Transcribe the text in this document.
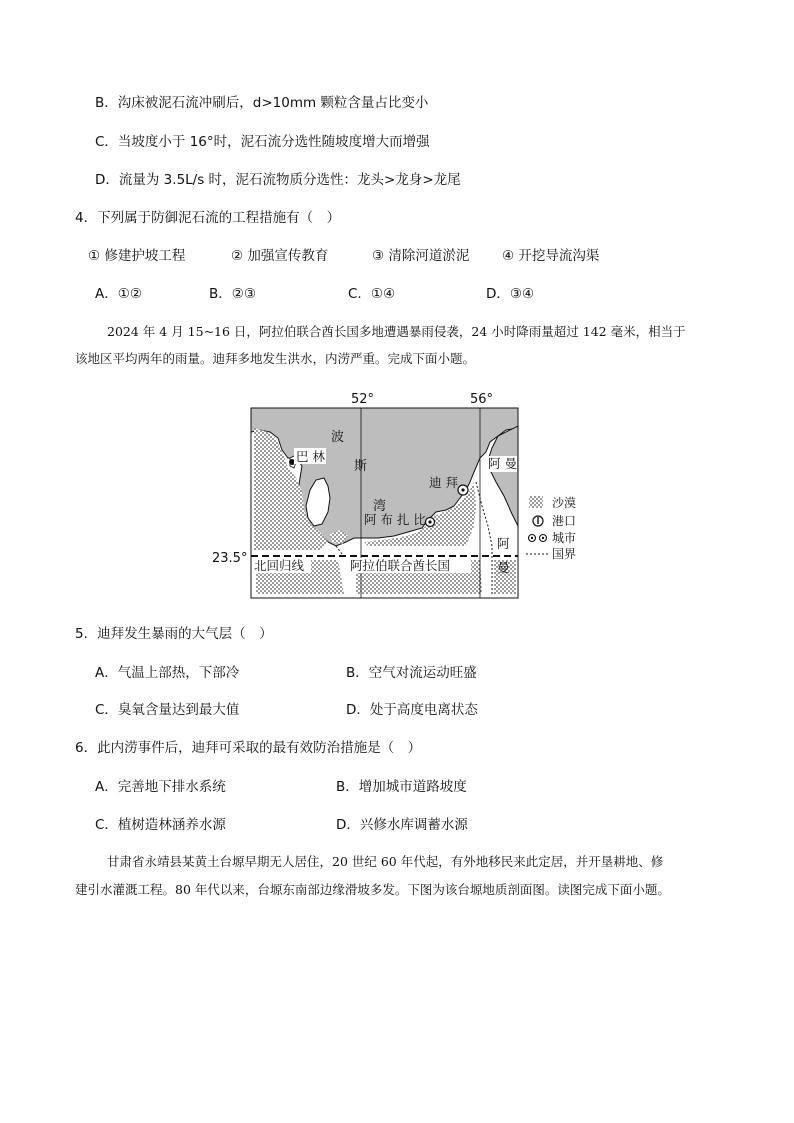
B．沟床被泥石流冲刷后，d>10mm 颗粒含量占比变小
C．当坡度小于 16°时，泥石流分选性随坡度增大而增强
D．流量为 3.5L/s 时，泥石流物质分选性：龙头>龙身>龙尾
4．下列属于防御泥石流的工程措施有（　）
① 修建护坡工程	② 加强宣传教育	③ 清除河道淤泥 ④ 开挖导流沟渠
A．①②	B．②③	C．①④	D．③④
2024 年 4 月 15~16 日，阿拉伯联合酋长国多地遭遇暴雨侵袭，24 小时降雨量超过 142 毫米，相当于
该地区平均两年的雨量。迪拜多地发生洪水，内涝严重。完成下面小题。
52°	56°
23.5°
波
斯
湾
巴 林
迪 拜
阿 布 扎 比
阿 曼
阿
曼
北回归线	阿拉伯联合酋长国
沙漠
港口
城市
国界
5．迪拜发生暴雨的大气层（　）
A．气温上部热，下部冷	B．空气对流运动旺盛
C．臭氧含量达到最大值	D．处于高度电离状态
6．此内涝事件后，迪拜可采取的最有效防治措施是（　）
A．完善地下排水系统	B．增加城市道路坡度
C．植树造林涵养水源	D．兴修水库调蓄水源
甘肃省永靖县某黄土台塬早期无人居住，20 世纪 60 年代起，有外地移民来此定居，并开垦耕地、修
建引水灌溉工程。80 年代以来，台塬东南部边缘滑坡多发。下图为该台塬地质剖面图。读图完成下面小题。
